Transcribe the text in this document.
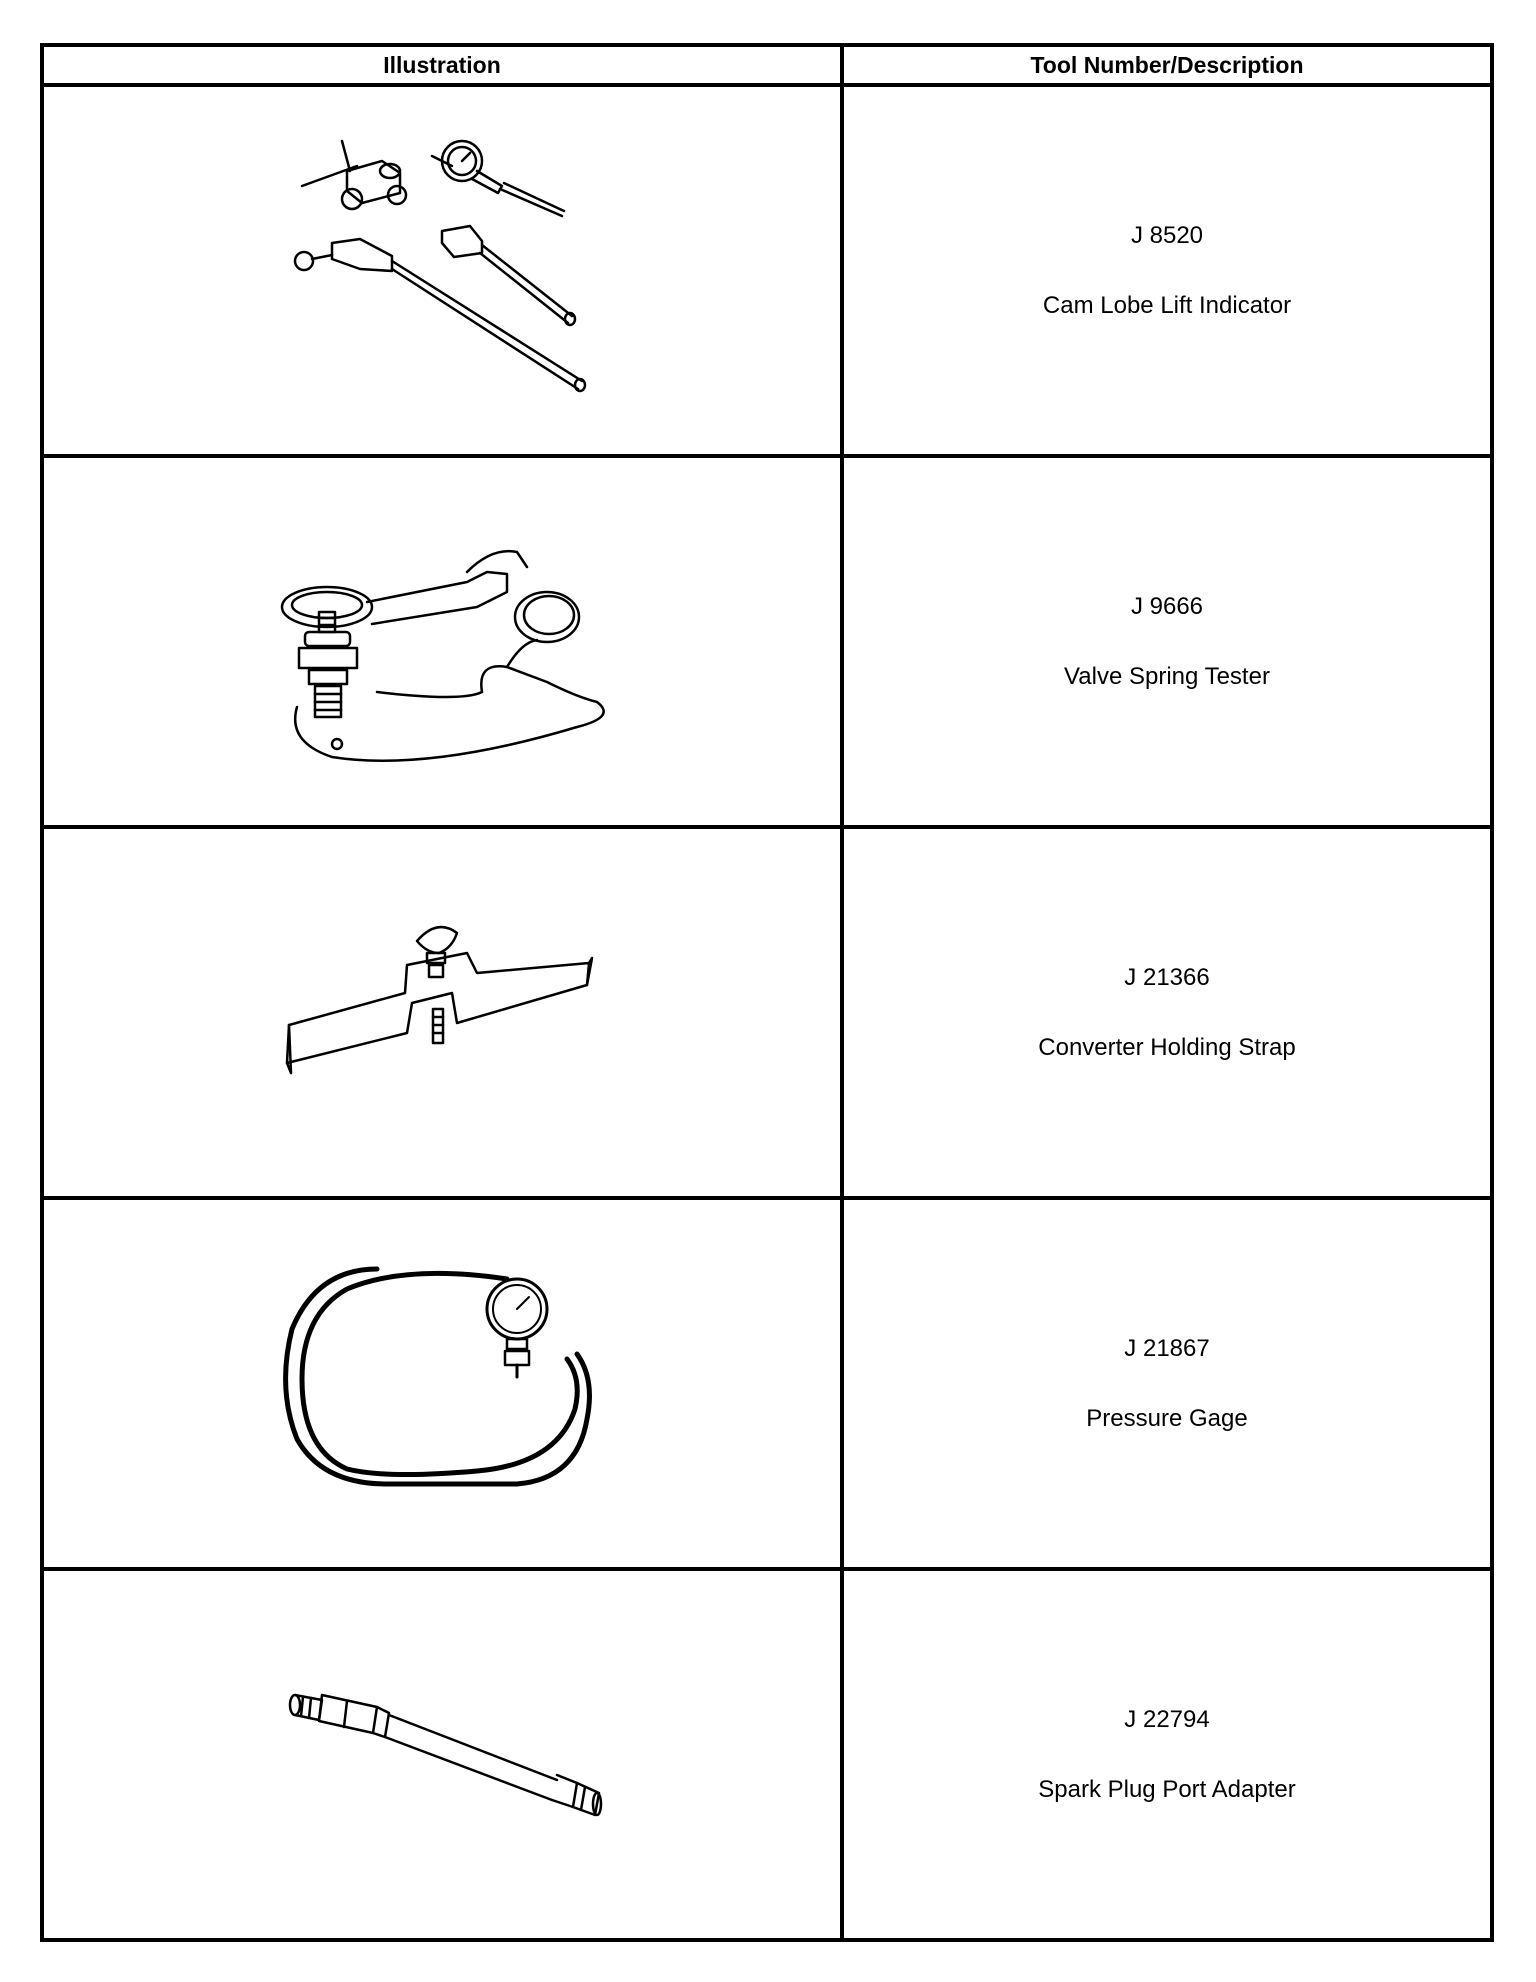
Illustration	Tool Number/Description

J 8520
Cam Lobe Lift Indicator

J 9666
Valve Spring Tester

J 21366
Converter Holding Strap

J 21867
Pressure Gage

J 22794
Spark Plug Port Adapter
